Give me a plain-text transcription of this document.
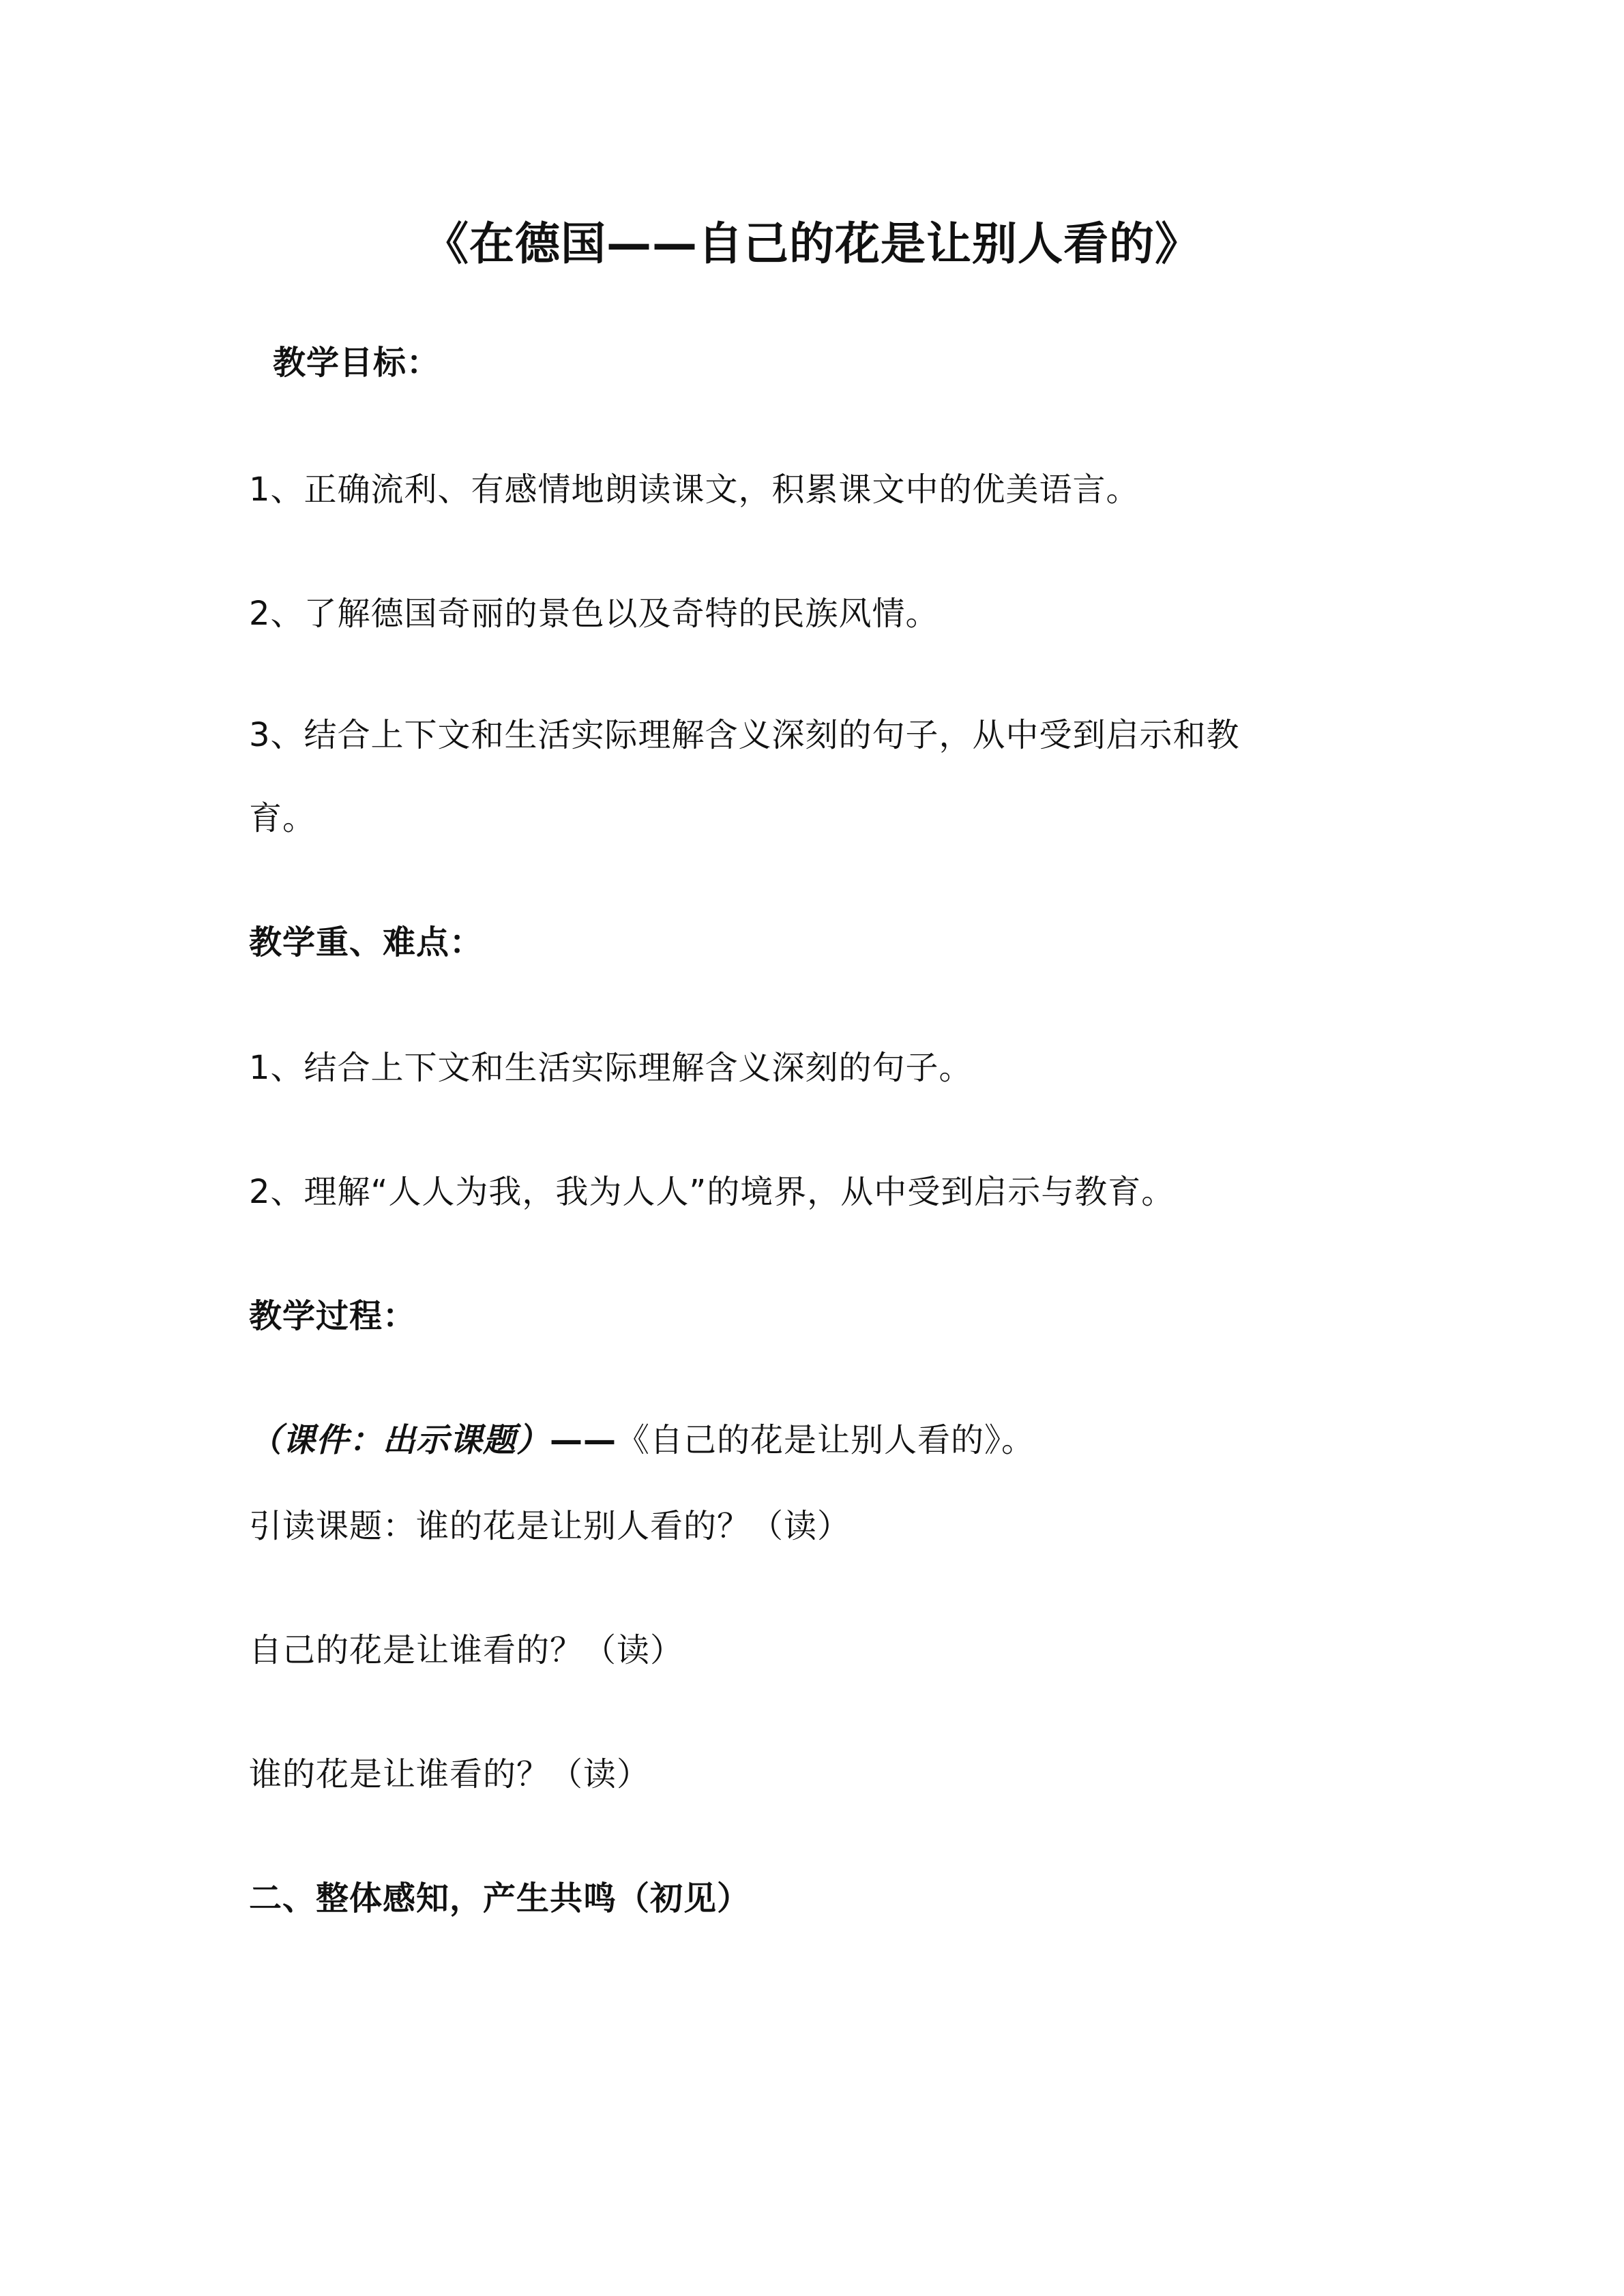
《在德国——自己的花是让别人看的》
教学目标：
1、正确流利、有感情地朗读课文，积累课文中的优美语言。
2、了解德国奇丽的景色以及奇特的民族风情。
3、结合上下文和生活实际理解含义深刻的句子，从中受到启示和教
育。
教学重、难点：
1、结合上下文和生活实际理解含义深刻的句子。
2、理解“人人为我，我为人人”的境界，从中受到启示与教育。
教学过程：
（课件：出示课题）——《自己的花是让别人看的》。
引读课题：谁的花是让别人看的？（读）
自己的花是让谁看的？（读）
谁的花是让谁看的？（读）
二、整体感知，产生共鸣（初见）
